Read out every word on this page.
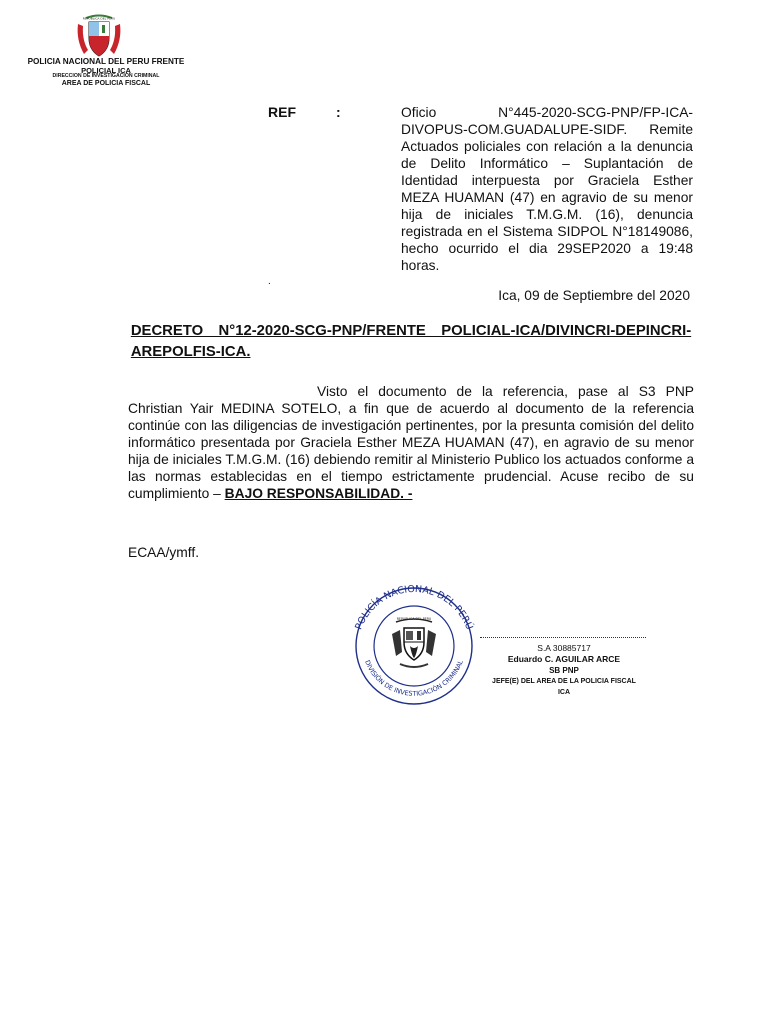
REPUBLICA DEL PERU
POLICIA NACIONAL DEL PERU FRENTE
POLICIAL ICA
DIRECCION DE INVESTIGACION CRIMINAL
AREA DE POLICIA FISCAL
REF	:	Oficio N°445-2020-SCG-PNP/FP-ICA-DIVOPUS-COM.GUADALUPE-SIDF. Remite Actuados policiales con relación a la denuncia de Delito Informático – Suplantación de Identidad interpuesta por Graciela Esther MEZA HUAMAN (47) en agravio de su menor hija de iniciales T.M.G.M. (16), denuncia registrada en el Sistema SIDPOL N°18149086, hecho ocurrido el dia 29SEP2020 a 19:48 horas.
.
Ica, 09 de Septiembre del 2020
DECRETO N°12-2020-SCG-PNP/FRENTE POLICIAL-ICA/DIVINCRI-DEPINCRI-AREPOLFIS-ICA.
Visto el documento de la referencia, pase al S3 PNP Christian Yair MEDINA SOTELO, a fin que de acuerdo al documento de la referencia continúe con las diligencias de investigación pertinentes, por la presunta comisión del delito informático presentada por Graciela Esther MEZA HUAMAN (47), en agravio de su menor hija de iniciales T.M.G.M. (16) debiendo remitir al Ministerio Publico los actuados conforme a las normas establecidas en el tiempo estrictamente prudencial. Acuse recibo de su cumplimiento – BAJO RESPONSABILIDAD. -
ECAA/ymff.
POLICÍA NACIONAL DEL PERÚ
DIVISIÓN DE INVESTIGACIÓN CRIMINAL
REPUBLICA DEL PERU
S.A 30885717
Eduardo C. AGUILAR ARCE
SB PNP
JEFE(E) DEL AREA DE LA POLICIA FISCAL
ICA
